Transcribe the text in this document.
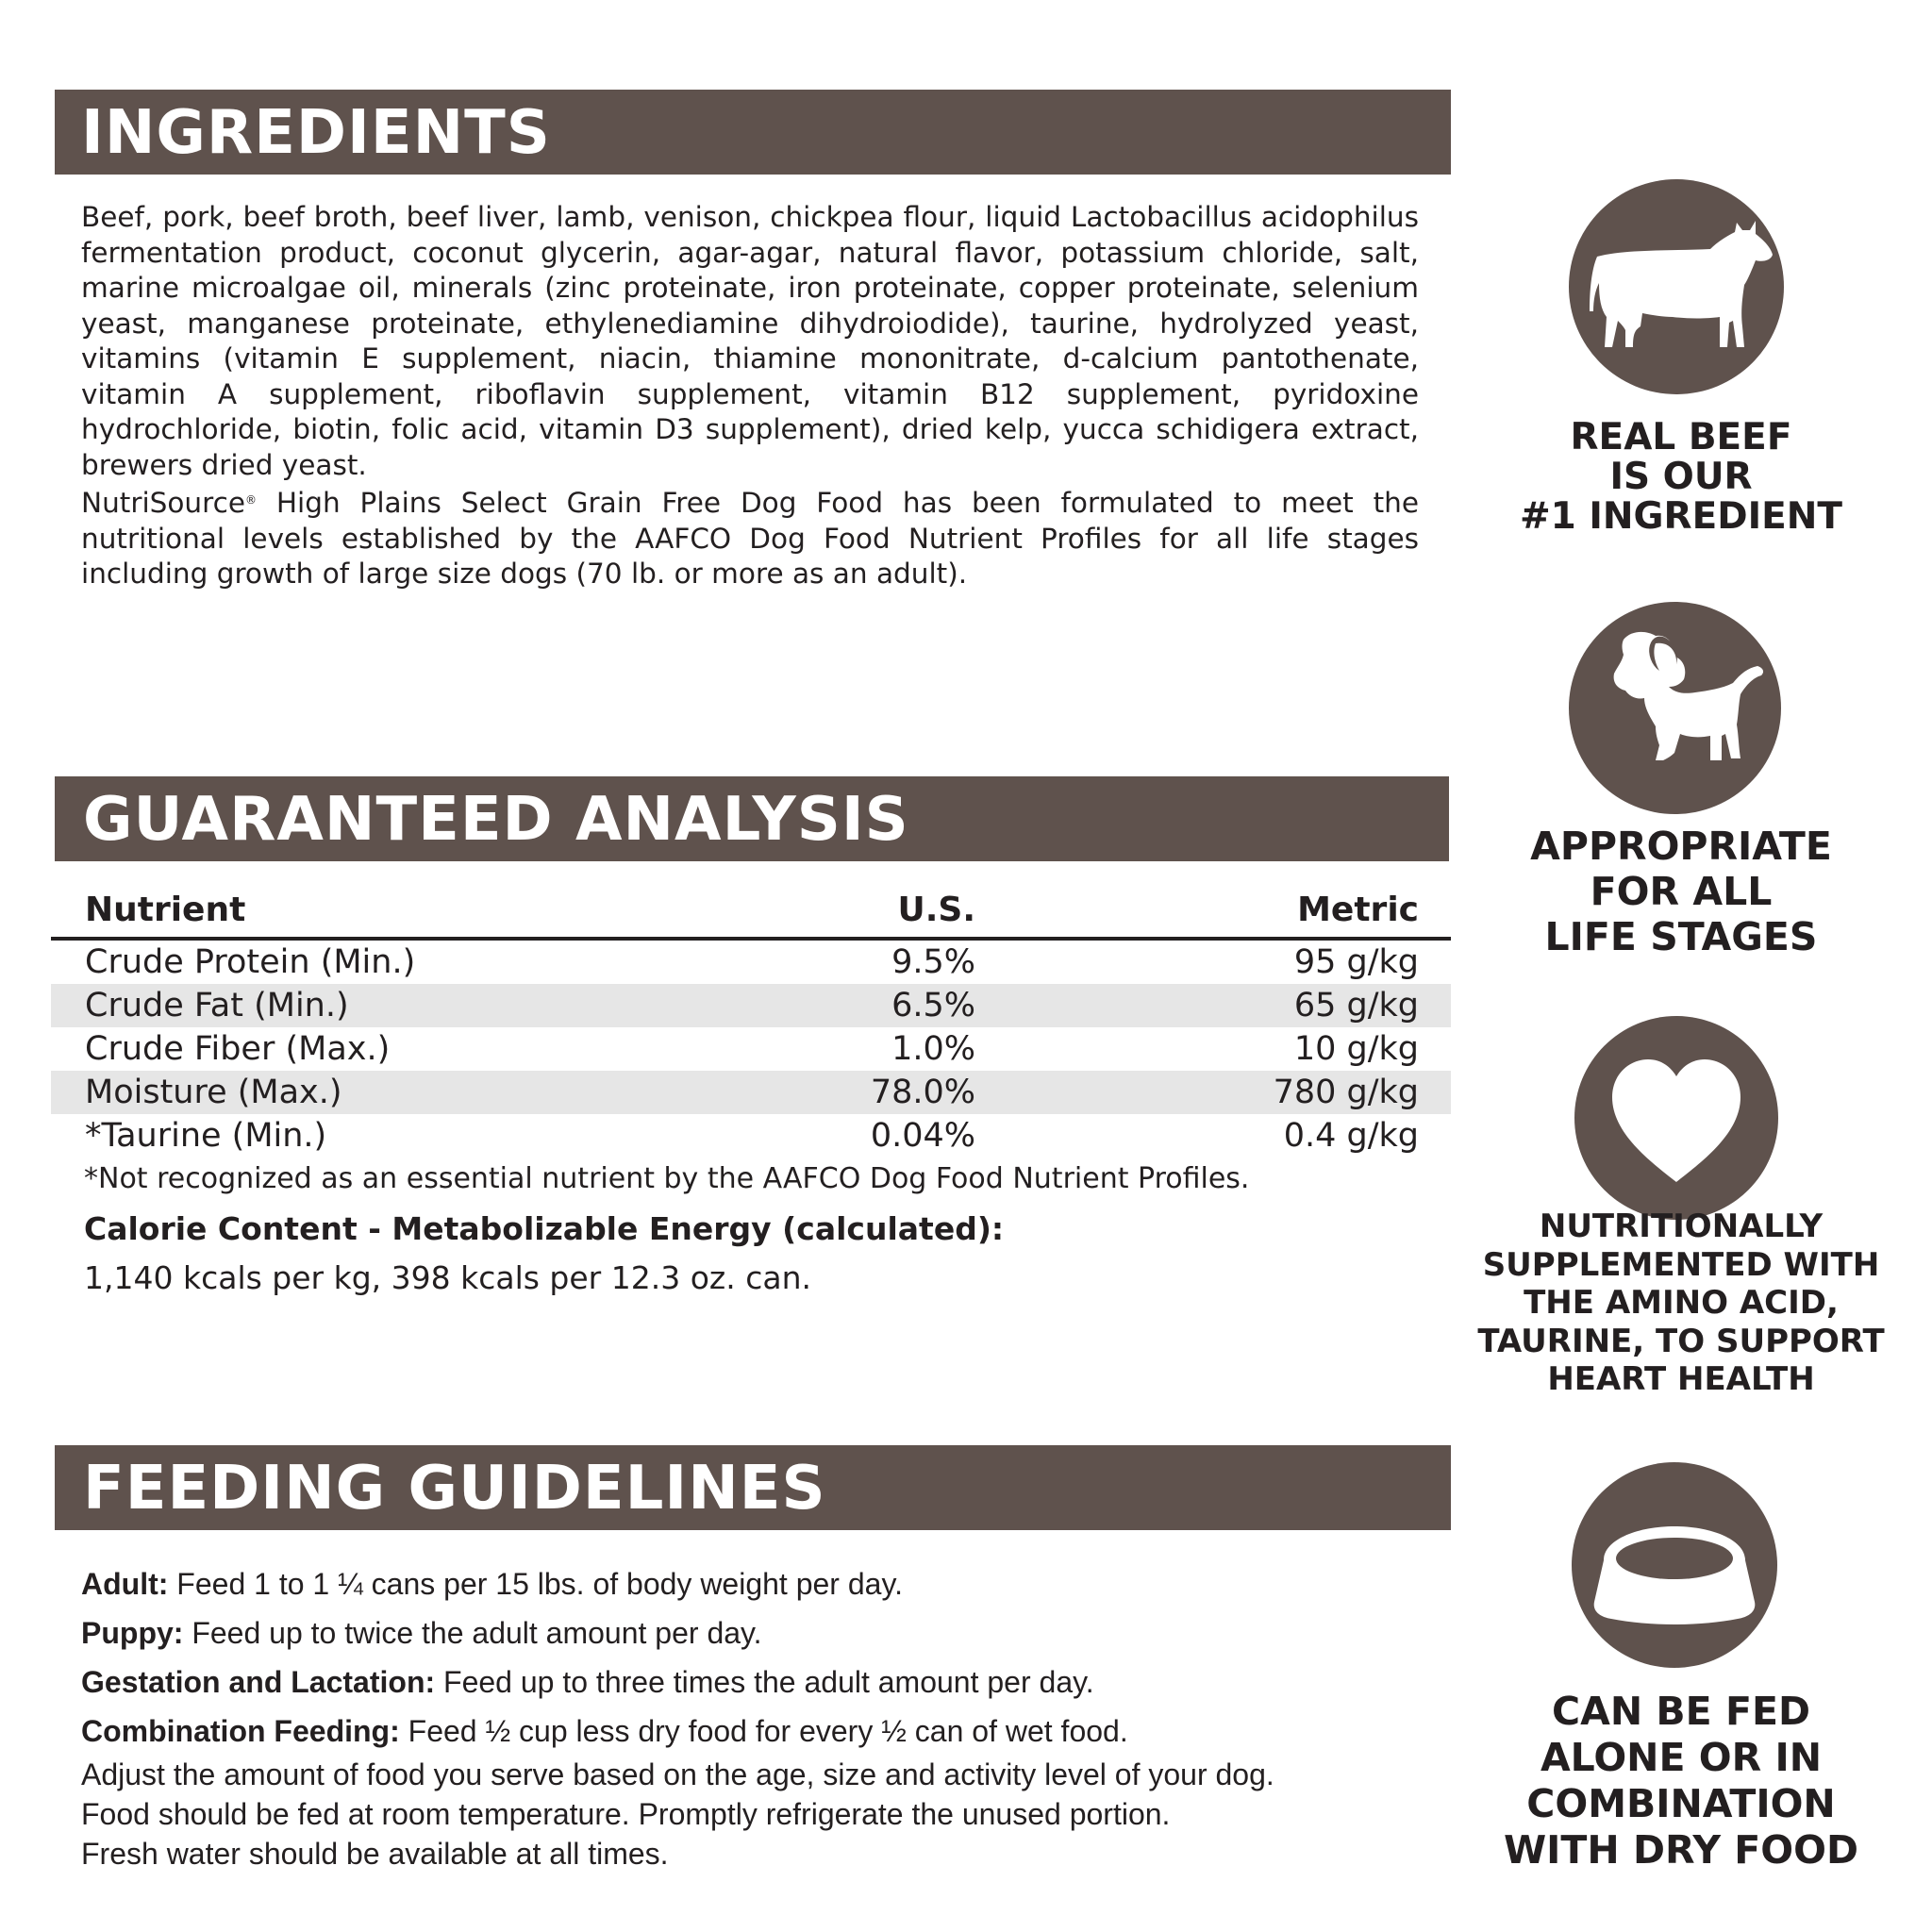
INGREDIENTS

Beef, pork, beef broth, beef liver, lamb, venison, chickpea flour, liquid Lactobacillus acidophilus fermentation product, coconut glycerin, agar-agar, natural flavor, potassium chloride, salt, marine microalgae oil, minerals (zinc proteinate, iron proteinate, copper proteinate, selenium yeast, manganese proteinate, ethylenediamine dihydroiodide), taurine, hydrolyzed yeast, vitamins (vitamin E supplement, niacin, thiamine mononitrate, d-calcium pantothenate, vitamin A supplement, riboflavin supplement, vitamin B12 supplement, pyridoxine hydrochloride, biotin, folic acid, vitamin D3 supplement), dried kelp, yucca schidigera extract, brewers dried yeast.

NutriSource® High Plains Select Grain Free Dog Food has been formulated to meet the nutritional levels established by the AAFCO Dog Food Nutrient Profiles for all life stages including growth of large size dogs (70 lb. or more as an adult).

GUARANTEED ANALYSIS
Nutrient	U.S.	Metric
Crude Protein (Min.)	9.5%	95 g/kg
Crude Fat (Min.)	6.5%	65 g/kg
Crude Fiber (Max.)	1.0%	10 g/kg
Moisture (Max.)	78.0%	780 g/kg
*Taurine (Min.)	0.04%	0.4 g/kg

*Not recognized as an essential nutrient by the AAFCO Dog Food Nutrient Profiles.

Calorie Content - Metabolizable Energy (calculated):

1,140 kcals per kg, 398 kcals per 12.3 oz. can.

FEEDING GUIDELINES

Adult: Feed 1 to 1 ¼ cans per 15 lbs. of body weight per day.

Puppy: Feed up to twice the adult amount per day.

Gestation and Lactation: Feed up to three times the adult amount per day.

Combination Feeding: Feed ½ cup less dry food for every ½ can of wet food.

Adjust the amount of food you serve based on the age, size and activity level of your dog.

Food should be fed at room temperature. Promptly refrigerate the unused portion.

Fresh water should be available at all times.

REAL BEEF
IS OUR
#1 INGREDIENT

APPROPRIATE
FOR ALL
LIFE STAGES

NUTRITIONALLY
SUPPLEMENTED WITH
THE AMINO ACID,
TAURINE, TO SUPPORT
HEART HEALTH

CAN BE FED
ALONE OR IN
COMBINATION
WITH DRY FOOD
